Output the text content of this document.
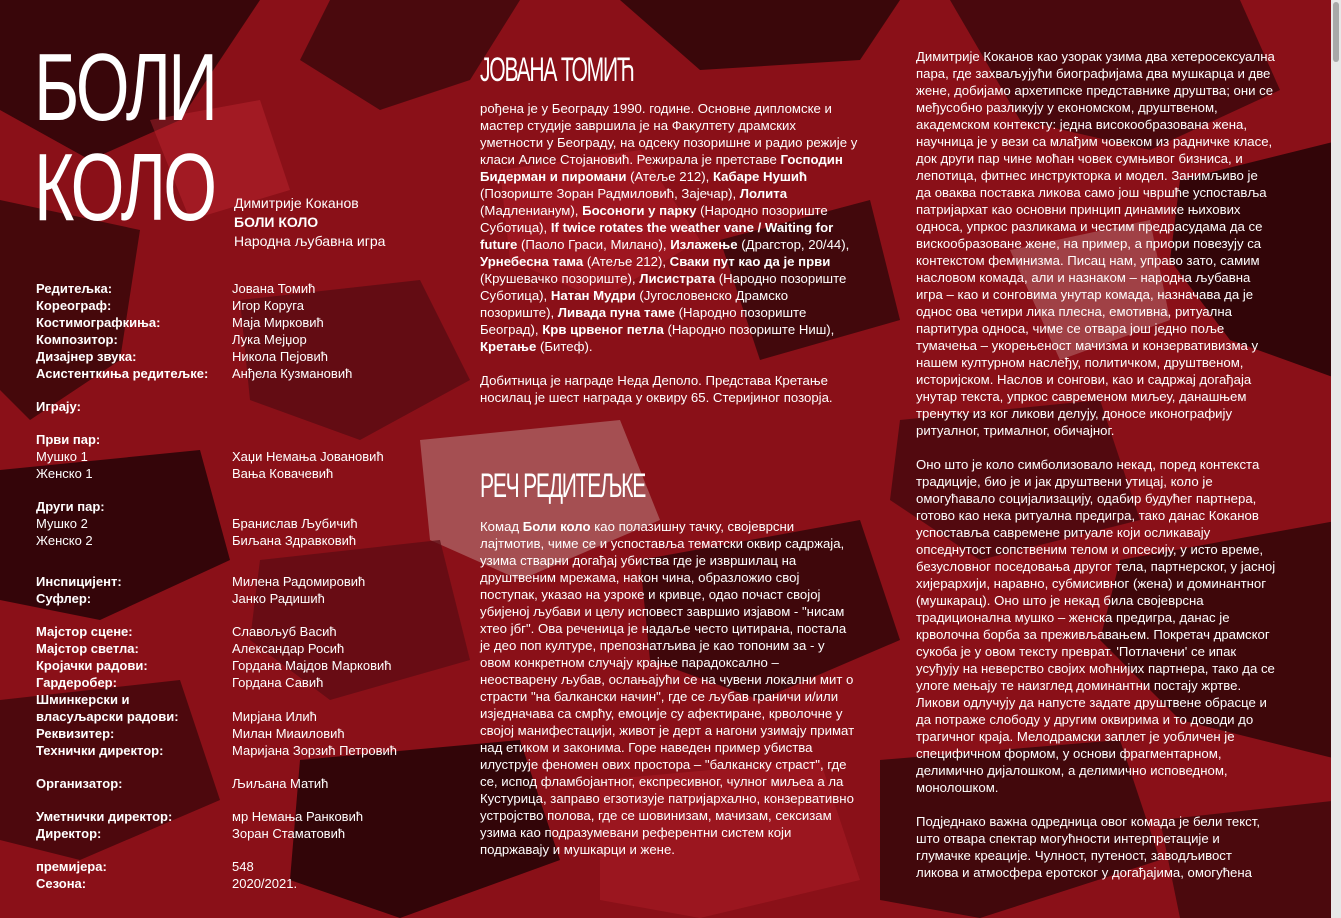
БОЛИ
КОЛО Димитрије Коканов
БОЛИ КОЛО
Народна љубавна игра
Редитељка:	Јована Томић
Кореограф:	Игор Коруга
Костимографкиња:	Маја Мирковић
Композитор:	Лука Мејџор
Дизајнер звука:	Никола Пејовић
Асистенткиња редитељке:	Анђела Кузмановић
Играју:
Први пар:
Мушко 1	Хаџи Немања Јовановић
Женско 1	Вања Ковачевић
Други пар:
Мушко 2	Бранислав Љубичић
Женско 2	Биљана Здравковић
Инспицијент:	Милена Радомировић
Суфлер:	Јанко Радишић
Мајстор сцене:	Славољуб Васић
Мајстор светла:	Александар Росић
Кројачки радови:	Гордана Мајдов Марковић
Гардеробер:	Гордана Савић
Шминкерски и
власуљарски радови:	Мирјана Илић
Реквизитер:	Милан Миаиловић
Технички директор:	Маријана Зорзић Петровић
Организатор:	Љиљана Матић
Уметнички директор:	мр Немања Ранковић
Директор:	Зоран Стаматовић
премијера:	548
Сезона:	2020/2021.
ЈОВАНА ТОМИЋ

рођена је у Београду 1990. године. Основне дипломске и мастер студије завршила је на Факултету драмских уметности у Београду, на одсеку позоришне и радио режије у класи Алисе Стојановић. Режирала је претставе Господин Бидерман и пиромани (Атеље 212), Кабаре Нушић (Позориште Зоран Радмиловић, Зајечар), Лолита (Мадленианум), Босоноги у парку (Народно позориште Суботица), If twice rotates the weather vane / Waiting for future (Паоло Граси, Милано), Излажење (Драгстор, 20/44), Урнебесна тама (Атеље 212), Сваки пут као да је први (Крушевачко позориште), Лисистрата (Народно позориште Суботица), Натан Мудри (Југословенско Драмско позориште), Ливада пуна таме (Народно позориште Београд), Крв црвеног петла (Народно позориште Ниш), Кретање (Битеф).

Добитница је награде Неда Деполо. Представа Кретање носилац је шест награда у оквиру 65. Стеријиног позорја.

РЕЧ РЕДИТЕЉКЕ

Комад Боли коло као полазишну тачку, својеврсни лајтмотив, чиме се и успоставља тематски оквир садржаја, узима стварни догађај убиства где је извршилац на друштвеним мрежама, након чина, образложио свој поступак, указао на узроке и кривце, одао почаст својој убијеној љубави и целу исповест завршио изјавом - "нисам хтео јбг". Ова реченица је надаље често цитирана, постала је део поп културе, препознатљива је као топоним за - у овом конкретном случају крајње парадоксално – неостварену љубав, ослањајући се на чувени локални мит о страсти "на балкански начин", где се љубав граничи и/или изједначава са смрћу, емоције су афектиране, крволочне у својој манифестацији, живот је дерт а нагони узимају примат над етиком и законима. Горе наведен пример убиства илуструје феномен ових простора – "балканску страст", где се, испод фламбојантног, експресивног, чулног миљеа а ла Кустурица, заправо егзотизује патријархално, конзервативно устројство полова, где се шовинизам, мачизам, сексизам узима као подразумевани референтни систем који подржавају и мушкарци и жене.

Димитрије Коканов као узорак узима два хетеросексуална пара, где захваљујући биографијама два мушкарца и две жене, добијамо архетипске представнике друштва; они се међусобно разликују у економском, друштвеном, академском контексту: једна високообразована жена, научница је у вези са млађим човеком из радничке класе, док други пар чине моћан човек сумњивог бизниса, и лепотица, фитнес инструкторка и модел. Занимљиво је да оваква поставка ликова само још чвршће успоставља патријархат као основни принцип динамике њихових односа, упркос разликама и честим предрасудама да се вискообразоване жене, на пример, а приори повезују са контекстом феминизма. Писац нам, управо зато, самим насловом комада, али и назнаком – народна љубавна игра – као и сонговима унутар комада, назначава да је однос ова четири лика плесна, емотивна, ритуална партитура односа, чиме се отвара још једно поље тумачења – укорењеност мачизма и конзервативизма у нашем културном наслеђу, политичком, друштвеном, историјском. Наслов и сонгови, као и садржај догађаја унутар текста, упркос савременом миљеу, данашњем тренутку из ког ликови делују, доносе иконографију ритуалног, трималног, обичајног.

Оно што је коло симболизовало некад, поред контекста традиције, био је и јак друштвени утицај, коло је омогућавало социјализацију, одабир будућег партнера, готово као нека ритуална предигра, тако данас Коканов успоставља савремене ритуале који осликавају опседнутост сопственим телом и опсесију, у исто време, безусловног поседовања другог тела, партнерског, у јасној хијерархији, наравно, субмисивног (жена) и доминантног (мушкарац). Оно што је некад била својеврсна традиционална мушко – женска предигра, данас је крволочна борба за преживљавањем. Покретач драмског сукоба је у овом тексту преврат. 'Потлачени' се ипак усуђују на неверство својих моћнијих партнера, тако да се улоге мењају те наизглед доминантни постају жртве. Ликови одлучују да напусте задате друштвене обрасце и да потраже слободу у другим оквирима и то доводи до трагичног краја. Мелодрамски заплет је уобличен је специфичном формом, у основи фрагментарном, делимично дијалошком, а делимично исповедном, монолошком.

Подједнако важна одредница овог комада је бели текст, што отвара спектар могућности интерпретације и глумачке креације. Чулност, путеност, заводљивост ликова и атмосфера еротског у догађајима, омогућена
